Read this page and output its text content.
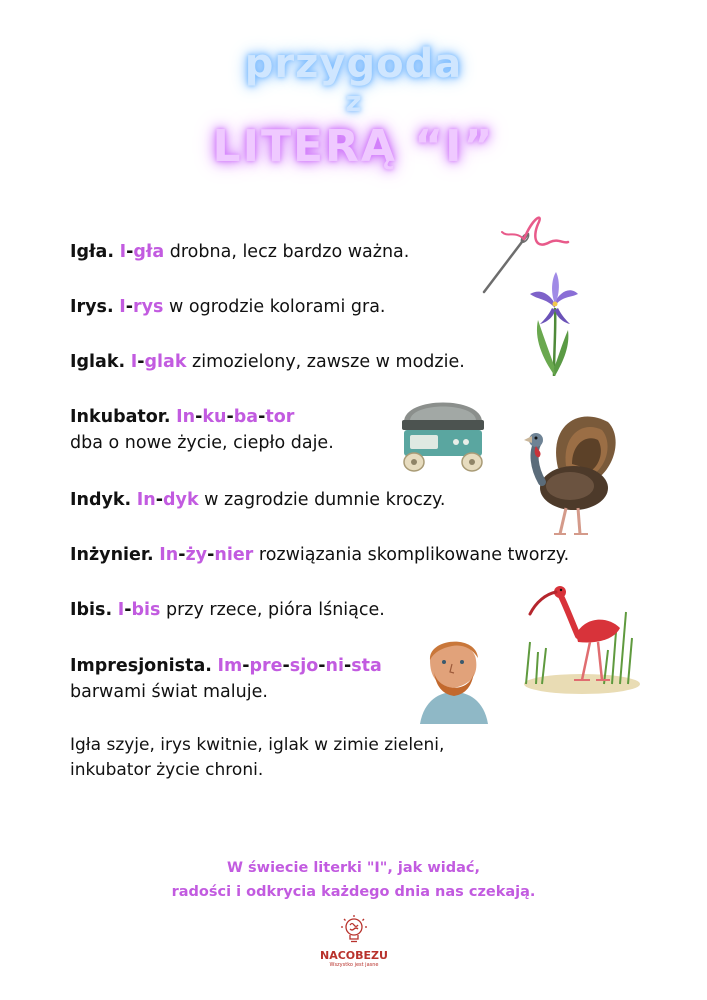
przygoda
z
LITERĄ “I”
Igła. I-gła drobna, lecz bardzo ważna.
Irys. I-rys w ogrodzie kolorami gra.
Iglak. I-glak zimozielony, zawsze w modzie.
Inkubator. In-ku-ba-tor
dba o nowe życie, ciepło daje.
Indyk. In-dyk w zagrodzie dumnie kroczy.
Inżynier. In-ży-nier rozwiązania skomplikowane tworzy.
Ibis. I-bis przy rzece, pióra lśniące.
Impresjonista. Im-pre-sjo-ni-sta
barwami świat maluje.
Igła szyje, irys kwitnie, iglak w zimie zieleni,
inkubator życie chroni.
W świecie literki "I", jak widać,
radości i odkrycia każdego dnia nas czekają.
NACOBEZU
Wszystko jest jasne
